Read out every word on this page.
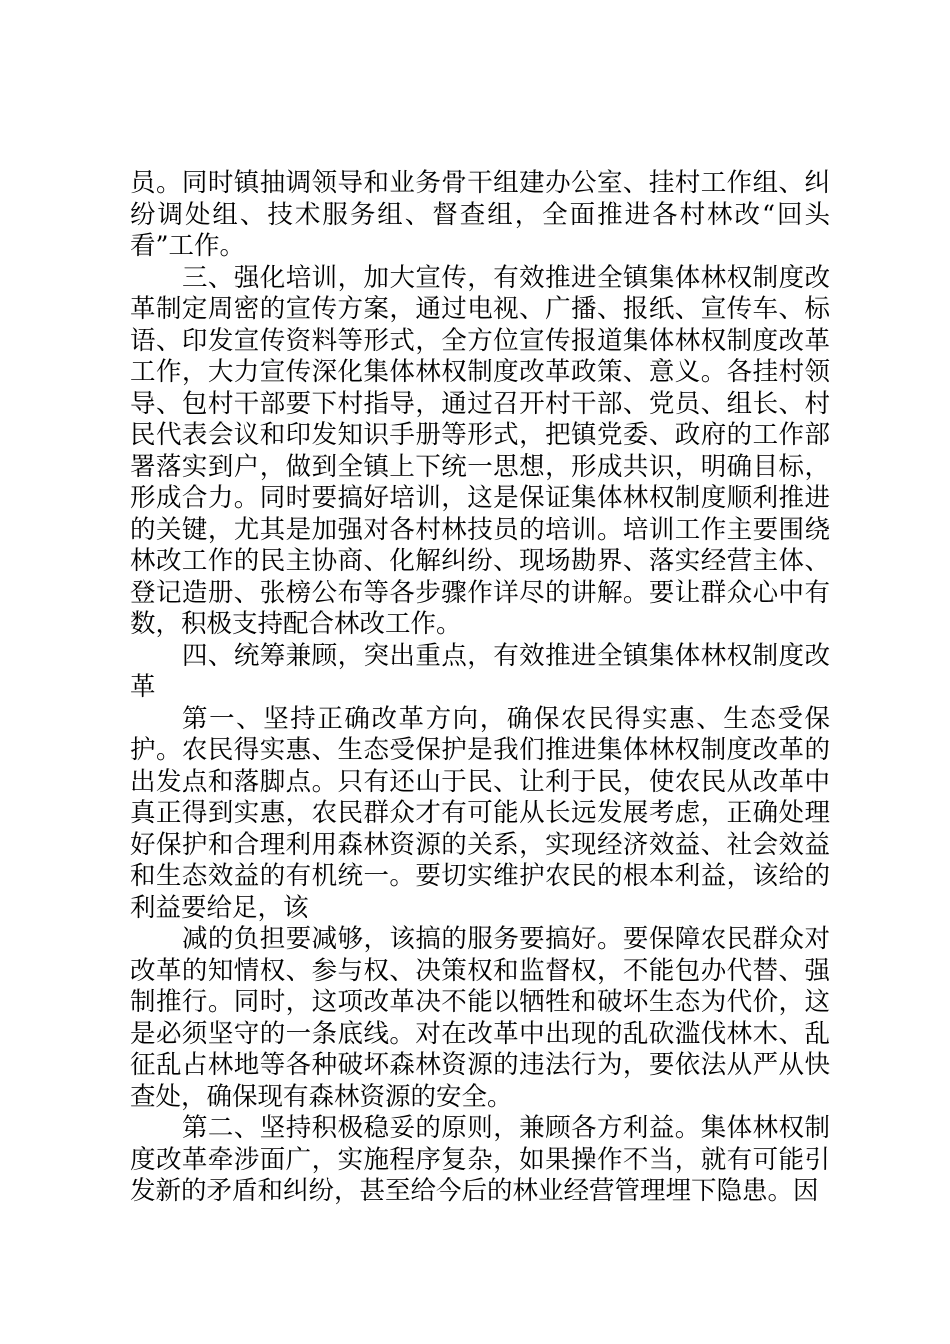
员。同时镇抽调领导和业务骨干组建办公室、挂村工作组、纠纷调处组、技术服务组、督查组，全面推进各村林改“回头看”工作。

三、强化培训，加大宣传，有效推进全镇集体林权制度改革制定周密的宣传方案，通过电视、广播、报纸、宣传车、标语、印发宣传资料等形式，全方位宣传报道集体林权制度改革工作，大力宣传深化集体林权制度改革政策、意义。各挂村领导、包村干部要下村指导，通过召开村干部、党员、组长、村民代表会议和印发知识手册等形式，把镇党委、政府的工作部署落实到户，做到全镇上下统一思想，形成共识，明确目标，形成合力。同时要搞好培训，这是保证集体林权制度顺利推进的关键，尤其是加强对各村林技员的培训。培训工作主要围绕林改工作的民主协商、化解纠纷、现场勘界、落实经营主体、登记造册、张榜公布等各步骤作详尽的讲解。要让群众心中有数，积极支持配合林改工作。

四、统筹兼顾，突出重点，有效推进全镇集体林权制度改革

第一、坚持正确改革方向，确保农民得实惠、生态受保护。农民得实惠、生态受保护是我们推进集体林权制度改革的出发点和落脚点。只有还山于民、让利于民，使农民从改革中真正得到实惠，农民群众才有可能从长远发展考虑，正确处理好保护和合理利用森林资源的关系，实现经济效益、社会效益和生态效益的有机统一。要切实维护农民的根本利益，该给的利益要给足，该

减的负担要减够，该搞的服务要搞好。要保障农民群众对改革的知情权、参与权、决策权和监督权，不能包办代替、强制推行。同时，这项改革决不能以牺牲和破坏生态为代价，这是必须坚守的一条底线。对在改革中出现的乱砍滥伐林木、乱征乱占林地等各种破坏森林资源的违法行为，要依法从严从快查处，确保现有森林资源的安全。

第二、坚持积极稳妥的原则，兼顾各方利益。集体林权制度改革牵涉面广，实施程序复杂，如果操作不当，就有可能引发新的矛盾和纠纷，甚至给今后的林业经营管理埋下隐患。因
